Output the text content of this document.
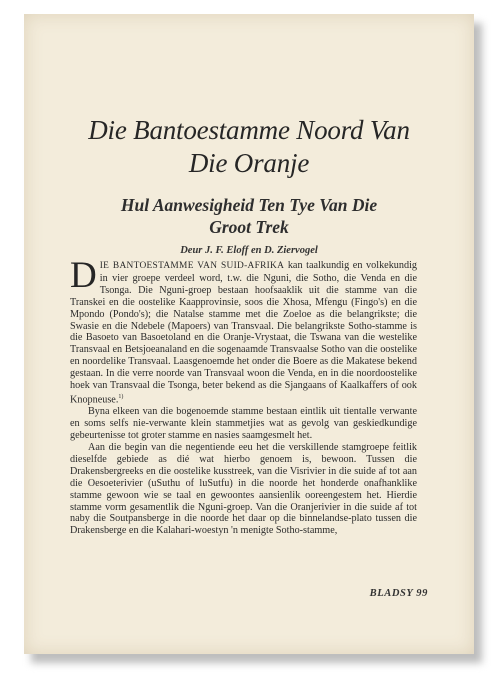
Die Bantoestamme Noord Van
Die Oranje
Hul Aanwesigheid Ten Tye Van Die
Groot Trek

Deur J. F. Eloff en D. Ziervogel

DIE BANTOESTAMME VAN SUID-AFRIKA kan taalkundig en volkekundig in vier groepe verdeel word, t.w. die Nguni, die Sotho, die Venda en die Tsonga. Die Nguni-groep bestaan hoofsaaklik uit die stamme van die Transkei en die oostelike Kaapprovinsie, soos die Xhosa, Mfengu (Fingo's) en die Mpondo (Pondo's); die Natalse stamme met die Zoeloe as die belangrikste; die Swasie en die Ndebele (Mapoers) van Transvaal. Die belangrikste Sotho-stamme is die Basoeto van Basoetoland en die Oranje-Vrystaat, die Tswana van die westelike Transvaal en Betsjoeanaland en die sogenaamde Transvaalse Sotho van die oostelike en noordelike Transvaal. Laasgenoemde het onder die Boere as die Makatese bekend gestaan. In die verre noorde van Transvaal woon die Venda, en in die noordoostelike hoek van Transvaal die Tsonga, beter bekend as die Sjangaans of Kaalkaffers of ook Knopneuse.$^{1)}$

Byna elkeen van die bogenoemde stamme bestaan eintlik uit tientalle verwante en soms selfs nie-verwante klein stammetjies wat as gevolg van geskiedkundige gebeurtenisse tot groter stamme en nasies saamgesmelt het.

Aan die begin van die negentiende eeu het die verskillende stamgroepe feitlik dieselfde gebiede as dié wat hierbo genoem is, bewoon. Tussen die Drakensbergreeks en die oostelike kusstreek, van die Visrivier in die suide af tot aan die Oesoeterivier (uSuthu of luSutfu) in die noorde het honderde onafhanklike stamme gewoon wie se taal en gewoontes aansienlik ooreengestem het. Hierdie stamme vorm gesamentlik die Nguni-groep. Van die Oranjerivier in die suide af tot naby die Soutpansberge in die noorde het daar op die binnelandse-plato tussen die Drakensberge en die Kalahari-woestyn 'n menigte Sotho-stamme,

BLADSY 99
